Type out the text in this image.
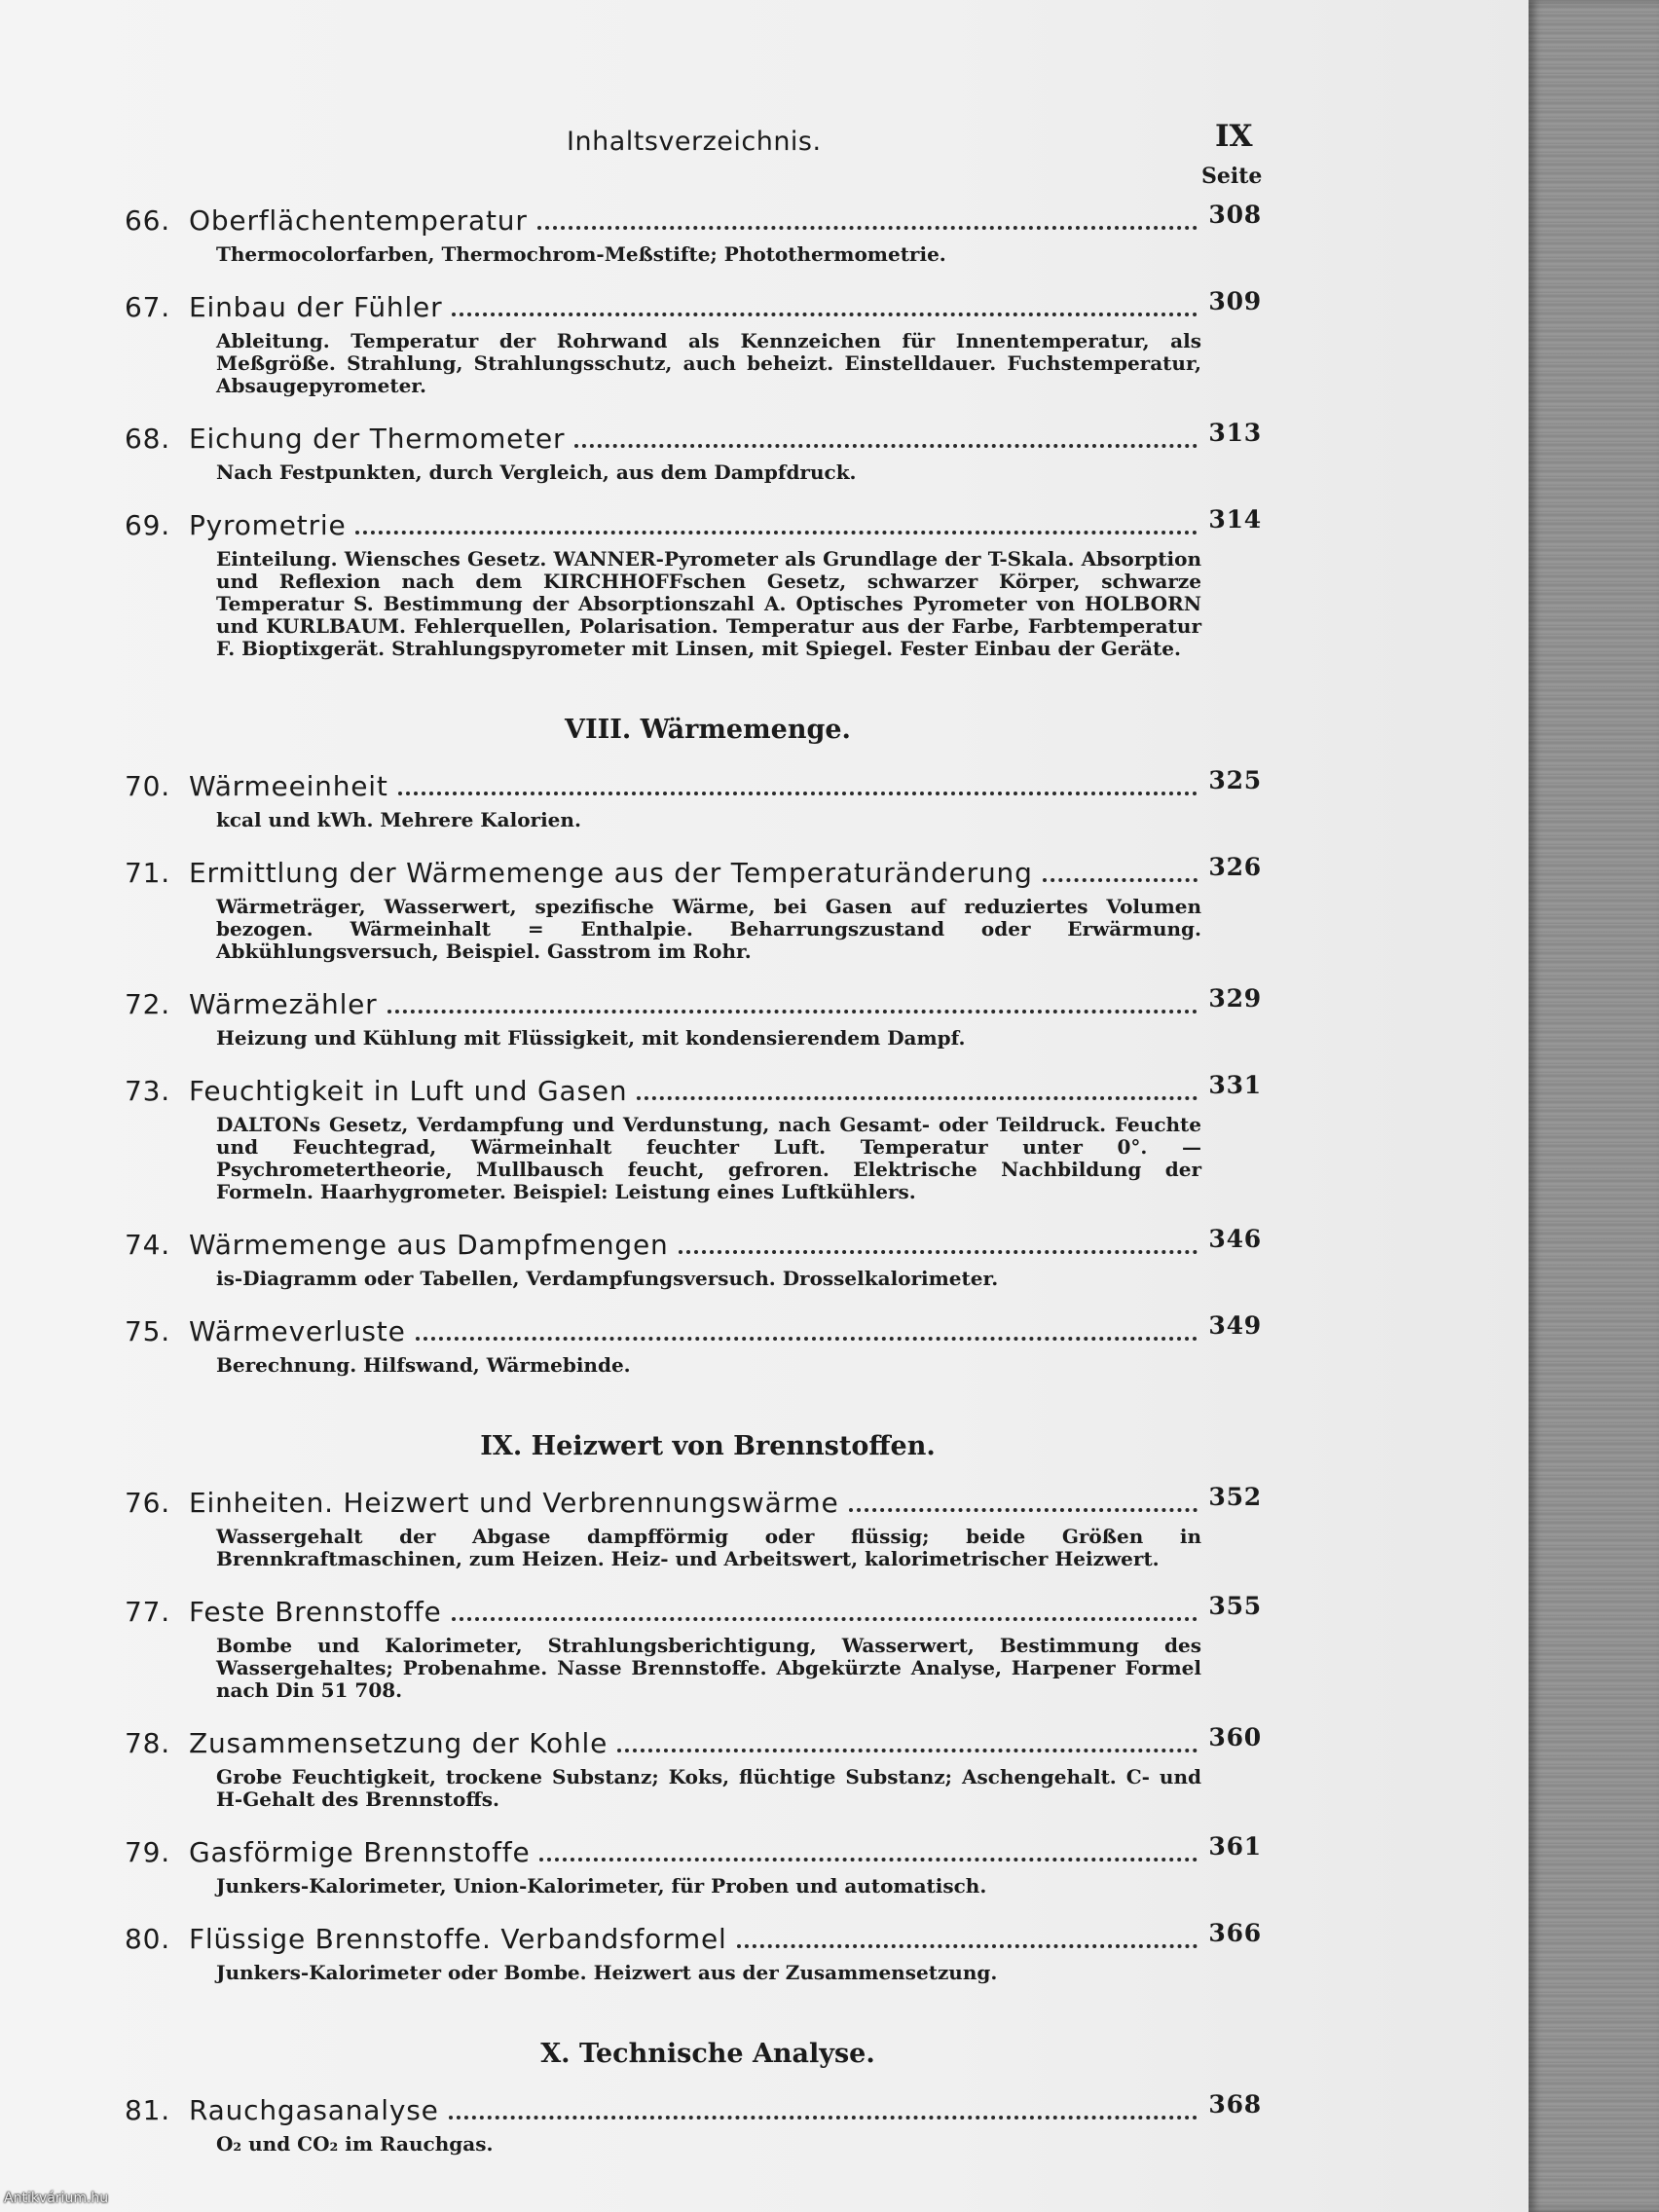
Inhaltsverzeichnis.	IX
Seite
66. Oberflächentemperatur	308
Thermocolorfarben, Thermochrom-Meßstifte; Photothermometrie.
67. Einbau der Fühler	309
Ableitung. Temperatur der Rohrwand als Kennzeichen für Innentemperatur, als Meßgröße. Strahlung, Strahlungsschutz, auch beheizt. Einstelldauer. Fuchstemperatur, Absaugepyrometer.
68. Eichung der Thermometer	313
Nach Festpunkten, durch Vergleich, aus dem Dampfdruck.
69. Pyrometrie	314
Einteilung. Wiensches Gesetz. WANNER-Pyrometer als Grundlage der T-Skala. Absorption und Reflexion nach dem KIRCHHOFFschen Gesetz, schwarzer Körper, schwarze Temperatur S. Bestimmung der Absorptionszahl A. Optisches Pyrometer von HOLBORN und KURLBAUM. Fehlerquellen, Polarisation. Temperatur aus der Farbe, Farbtemperatur F. Bioptixgerät. Strahlungspyrometer mit Linsen, mit Spiegel. Fester Einbau der Geräte.
VIII. Wärmemenge.
70. Wärmeeinheit	325
kcal und kWh. Mehrere Kalorien.
71. Ermittlung der Wärmemenge aus der Temperaturänderung	326
Wärmeträger, Wasserwert, spezifische Wärme, bei Gasen auf reduziertes Volumen bezogen. Wärmeinhalt = Enthalpie. Beharrungszustand oder Erwärmung. Abkühlungsversuch, Beispiel. Gasstrom im Rohr.
72. Wärmezähler	329
Heizung und Kühlung mit Flüssigkeit, mit kondensierendem Dampf.
73. Feuchtigkeit in Luft und Gasen	331
DALTONs Gesetz, Verdampfung und Verdunstung, nach Gesamt- oder Teildruck. Feuchte und Feuchtegrad, Wärmeinhalt feuchter Luft. Temperatur unter 0°. — Psychrometertheorie, Mullbausch feucht, gefroren. Elektrische Nachbildung der Formeln. Haarhygrometer. Beispiel: Leistung eines Luftkühlers.
74. Wärmemenge aus Dampfmengen	346
is-Diagramm oder Tabellen, Verdampfungsversuch. Drosselkalorimeter.
75. Wärmeverluste	349
Berechnung. Hilfswand, Wärmebinde.
IX. Heizwert von Brennstoffen.
76. Einheiten. Heizwert und Verbrennungswärme	352
Wassergehalt der Abgase dampfförmig oder flüssig; beide Größen in Brennkraftmaschinen, zum Heizen. Heiz- und Arbeitswert, kalorimetrischer Heizwert.
77. Feste Brennstoffe	355
Bombe und Kalorimeter, Strahlungsberichtigung, Wasserwert, Bestimmung des Wassergehaltes; Probenahme. Nasse Brennstoffe. Abgekürzte Analyse, Harpener Formel nach Din 51 708.
78. Zusammensetzung der Kohle	360
Grobe Feuchtigkeit, trockene Substanz; Koks, flüchtige Substanz; Aschengehalt. C- und H-Gehalt des Brennstoffs.
79. Gasförmige Brennstoffe	361
Junkers-Kalorimeter, Union-Kalorimeter, für Proben und automatisch.
80. Flüssige Brennstoffe. Verbandsformel	366
Junkers-Kalorimeter oder Bombe. Heizwert aus der Zusammensetzung.
X. Technische Analyse.
81. Rauchgasanalyse	368
O₂ und CO₂ im Rauchgas.
Antikvárium.hu
